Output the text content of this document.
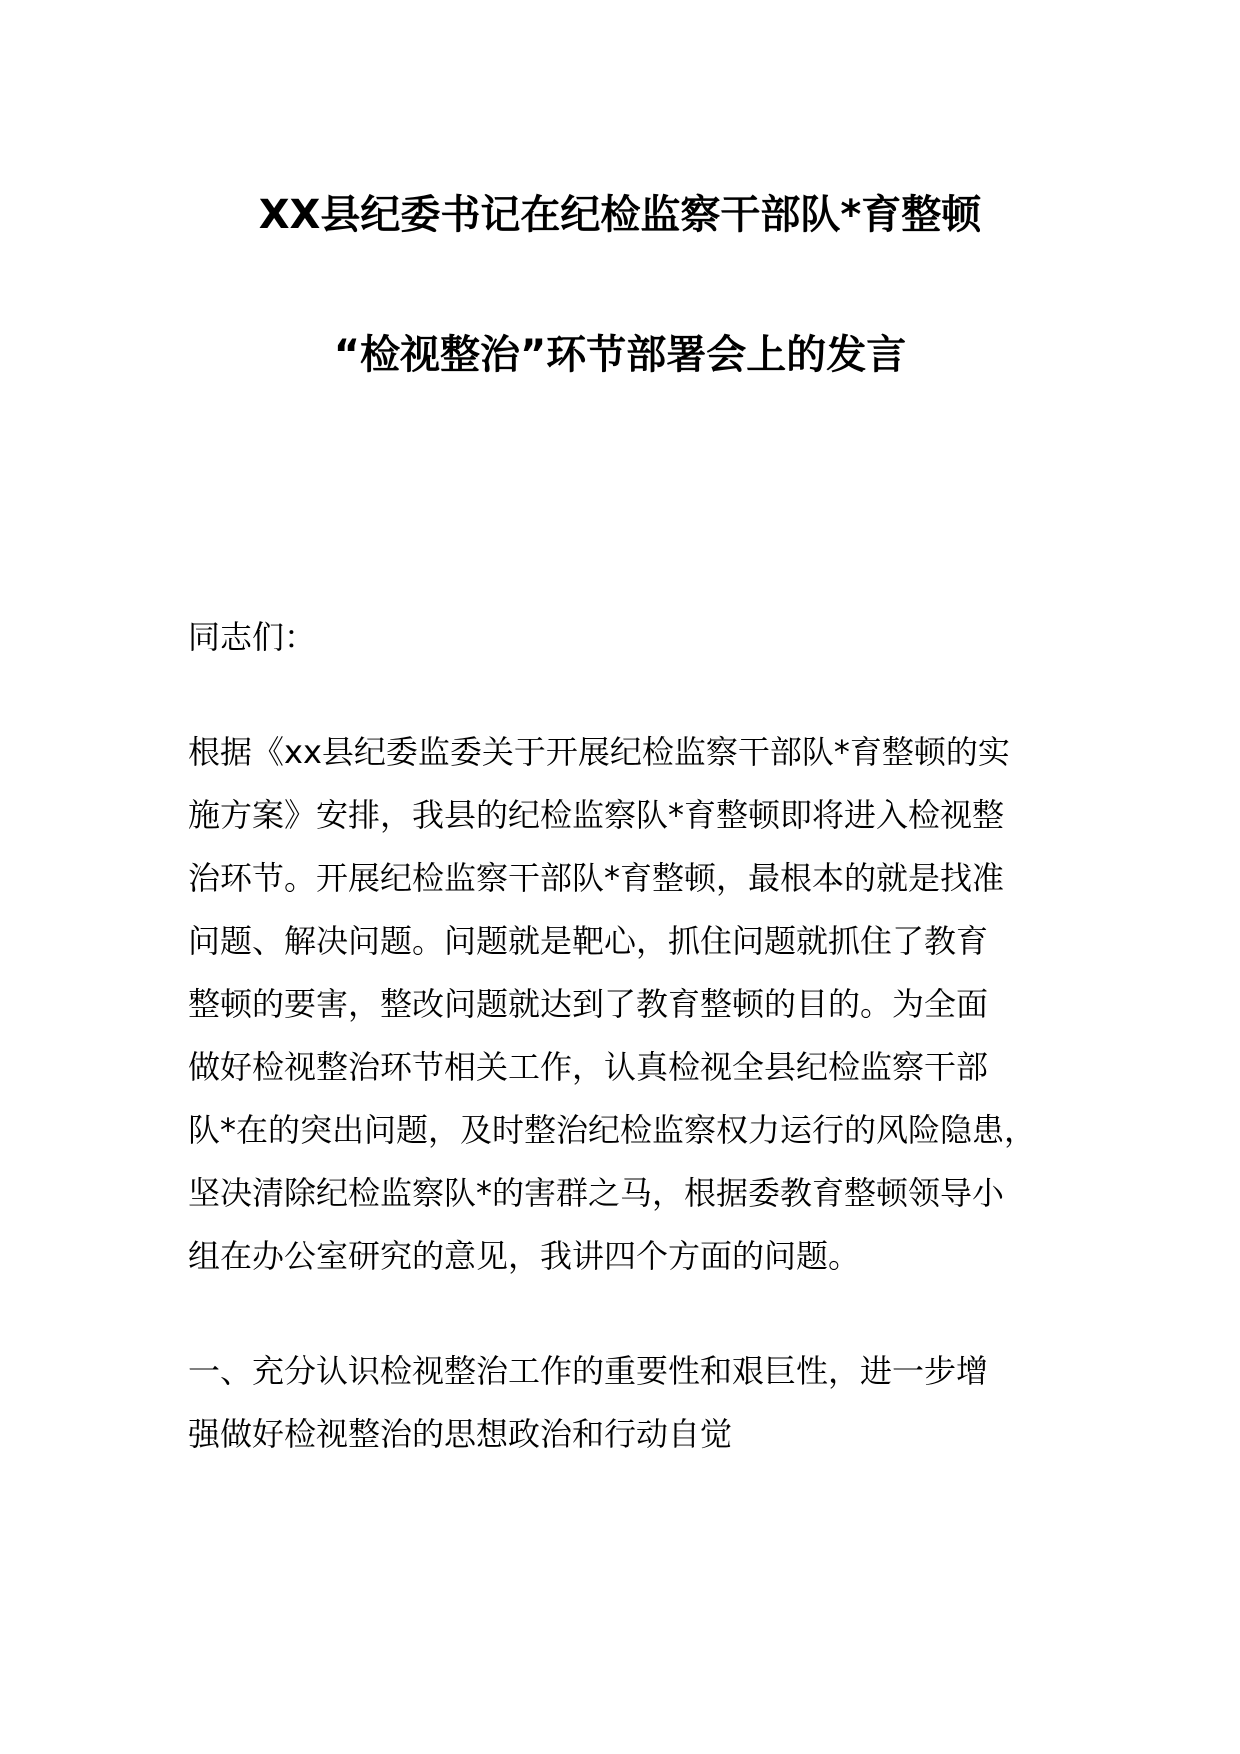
XX县纪委书记在纪检监察干部队*育整顿
“检视整治”环节部署会上的发言
同志们：
根据《xx县纪委监委关于开展纪检监察干部队*育整顿的实
施方案》安排，我县的纪检监察队*育整顿即将进入检视整
治环节。开展纪检监察干部队*育整顿，最根本的就是找准
问题、解决问题。问题就是靶心，抓住问题就抓住了教育
整顿的要害，整改问题就达到了教育整顿的目的。为全面
做好检视整治环节相关工作，认真检视全县纪检监察干部
队*在的突出问题，及时整治纪检监察权力运行的风险隐患，
坚决清除纪检监察队*的害群之马，根据委教育整顿领导小
组在办公室研究的意见，我讲四个方面的问题。
一、充分认识检视整治工作的重要性和艰巨性，进一步增
强做好检视整治的思想政治和行动自觉
